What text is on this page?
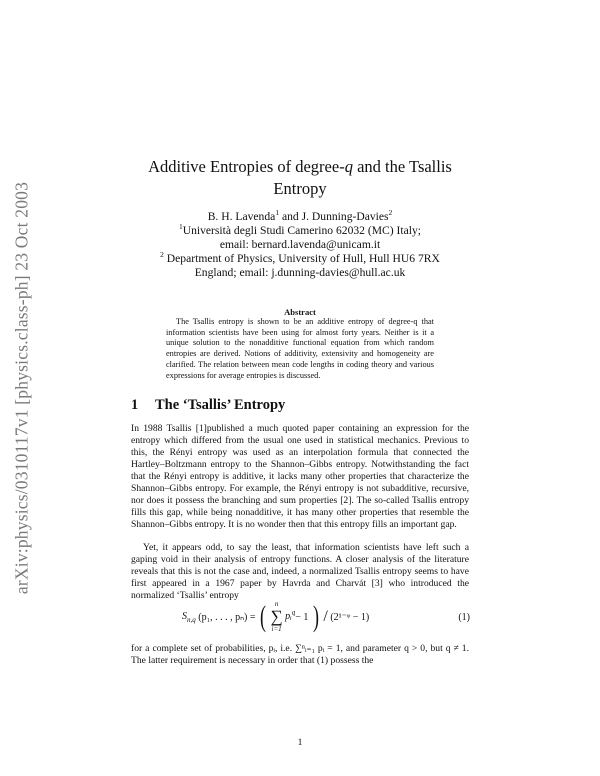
arXiv:physics/0310117v1 [physics.class-ph] 23 Oct 2003
Additive Entropies of degree-q and the Tsallis
Entropy
B. H. Lavenda$^1$ and J. Dunning-Davies$^2$
$^1$Università degli Studi Camerino 62032 (MC) Italy;
email: bernard.lavenda@unicam.it
$^2$ Department of Physics, University of Hull, Hull HU6 7RX
England; email: j.dunning-davies@hull.ac.uk
Abstract
The Tsallis entropy is shown to be an additive entropy of degree-q that information scientists have been using for almost forty years. Neither is it a unique solution to the nonadditive functional equation from which random entropies are derived. Notions of additivity, extensivity and homogeneity are clarified. The relation between mean code lengths in coding theory and various expressions for average entropies is discussed.
1 The ‘Tsallis’ Entropy
In 1988 Tsallis [1]published a much quoted paper containing an expression for the entropy which differed from the usual one used in statistical mechanics. Previous to this, the Rényi entropy was used as an interpolation formula that connected the Hartley–Boltzmann entropy to the Shannon–Gibbs entropy. Notwithstanding the fact that the Rényi entropy is additive, it lacks many other properties that characterize the Shannon–Gibbs entropy. For example, the Rényi entropy is not subadditive, recursive, nor does it possess the branching and sum properties [2]. The so-called Tsallis entropy fills this gap, while being nonadditive, it has many other properties that resemble the Shannon–Gibbs entropy. It is no wonder then that this entropy fills an important gap.
Yet, it appears odd, to say the least, that information scientists have left such a gaping void in their analysis of entropy functions. A closer analysis of the literature reveals that this is not the case and, indeed, a normalized Tsallis entropy seems to have first appeared in a 1967 paper by Havrda and Charvát [3] who introduced the normalized ‘Tsallis’ entropy
$S_{n,q}$ (p₁, . . . , pₙ) = (	n
∑
i=1
pᵢ$^q$− 1 ) / (2¹⁻ᵠ − 1)	(1)
for a complete set of probabilities, pᵢ, i.e. ∑ⁿᵢ₌₁ pᵢ = 1, and parameter q > 0, but q ≠ 1. The latter requirement is necessary in order that (1) possess the
1
